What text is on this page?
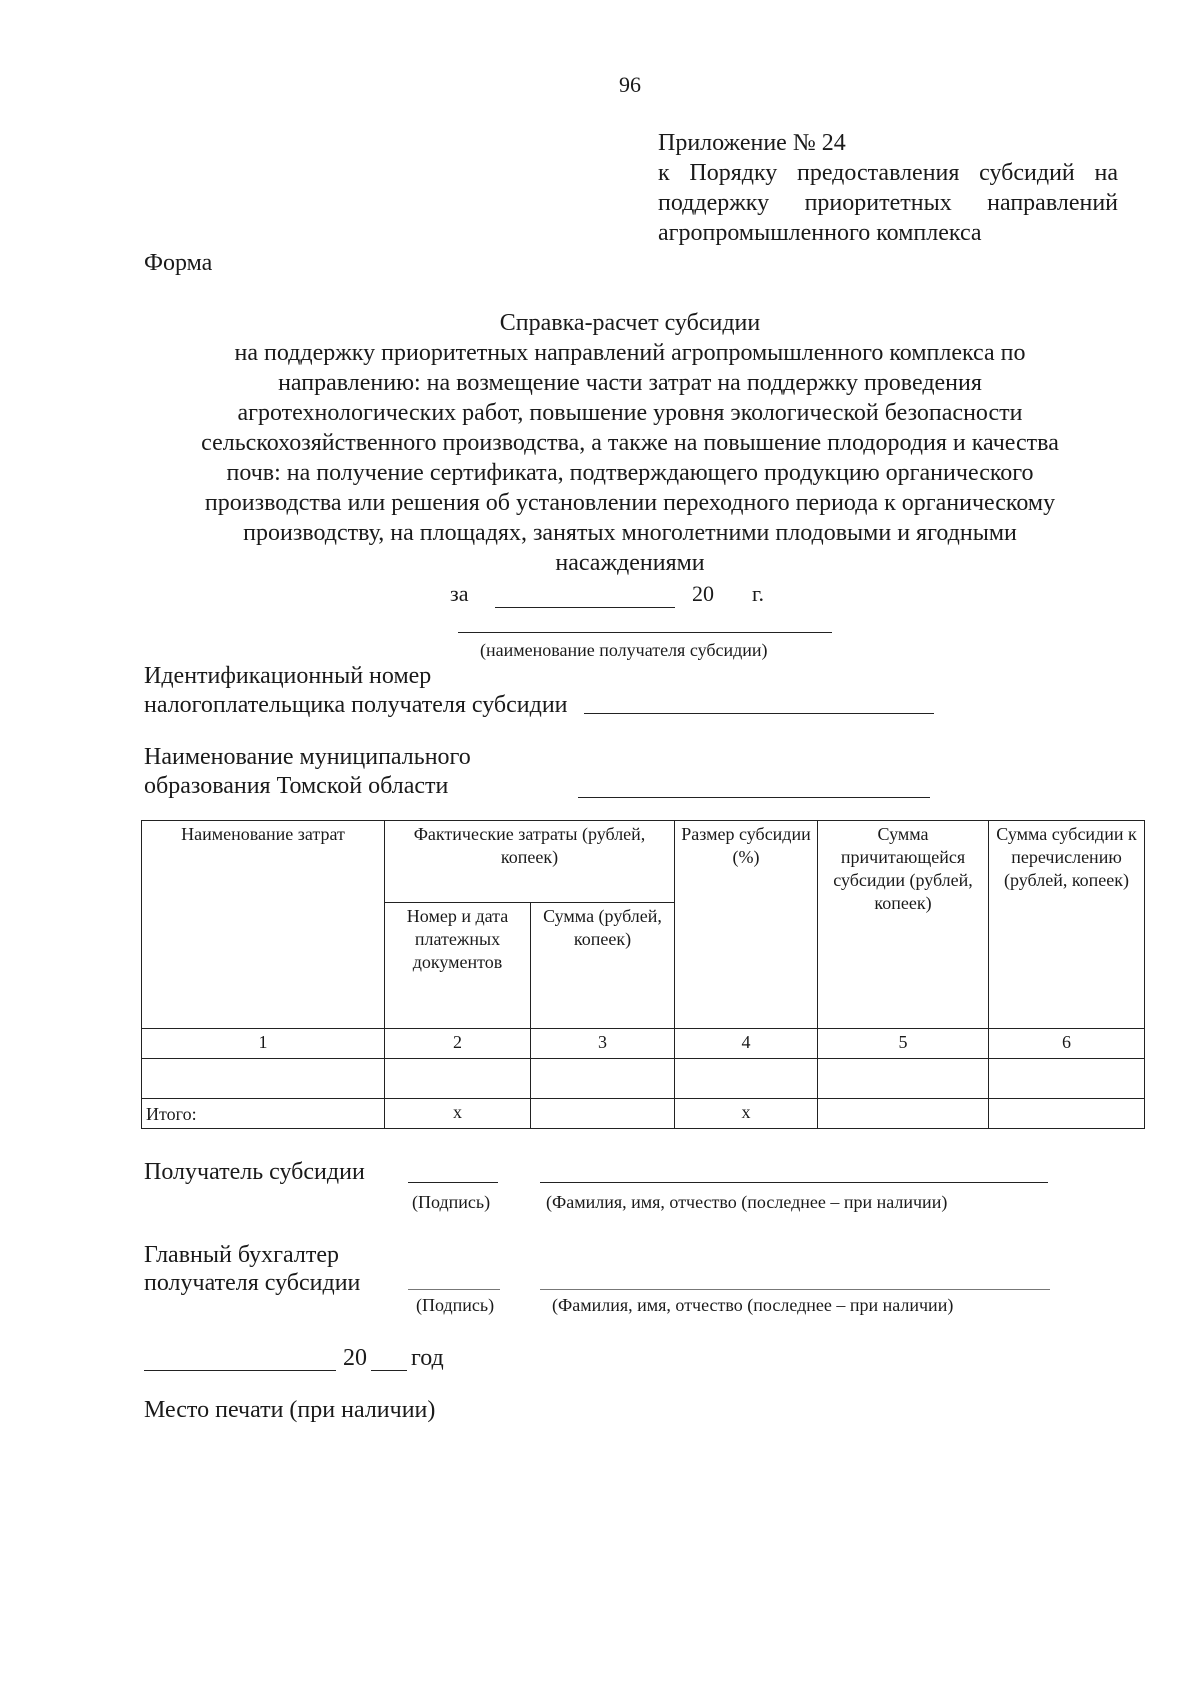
96
Приложение № 24
к Порядку предоставления субсидий на
поддержку приоритетных направлений
агропромышленного комплекса
Форма
Справка-расчет субсидии
на поддержку приоритетных направлений агропромышленного комплекса по
направлению: на возмещение части затрат на поддержку проведения
агротехнологических работ, повышение уровня экологической безопасности
сельскохозяйственного производства, а также на повышение плодородия и качества
почв: на получение сертификата, подтверждающего продукцию органического
производства или решения об установлении переходного периода к органическому
производству, на площадях, занятых многолетними плодовыми и ягодными
насаждениями
за	20 г.
(наименование получателя субсидии)
Идентификационный номер
налогоплательщика получателя субсидии
Наименование муниципального
образования Томской области
Наименование затрат	Фактические затраты (рублей, копеек)		Размер субсидии (%)	Сумма причитающейся субсидии (рублей, копеек)	Сумма субсидии к перечислению (рублей, копеек)
	Номер и дата платежных документов	Сумма (рублей, копеек)			
1	2	3	4	5	6

Итого:	x		x		
Получатель субсидии
(Подпись)	(Фамилия, имя, отчество (последнее – при наличии)
Главный бухгалтер
получателя субсидии
(Подпись)	(Фамилия, имя, отчество (последнее – при наличии)
20 год
Место печати (при наличии)
